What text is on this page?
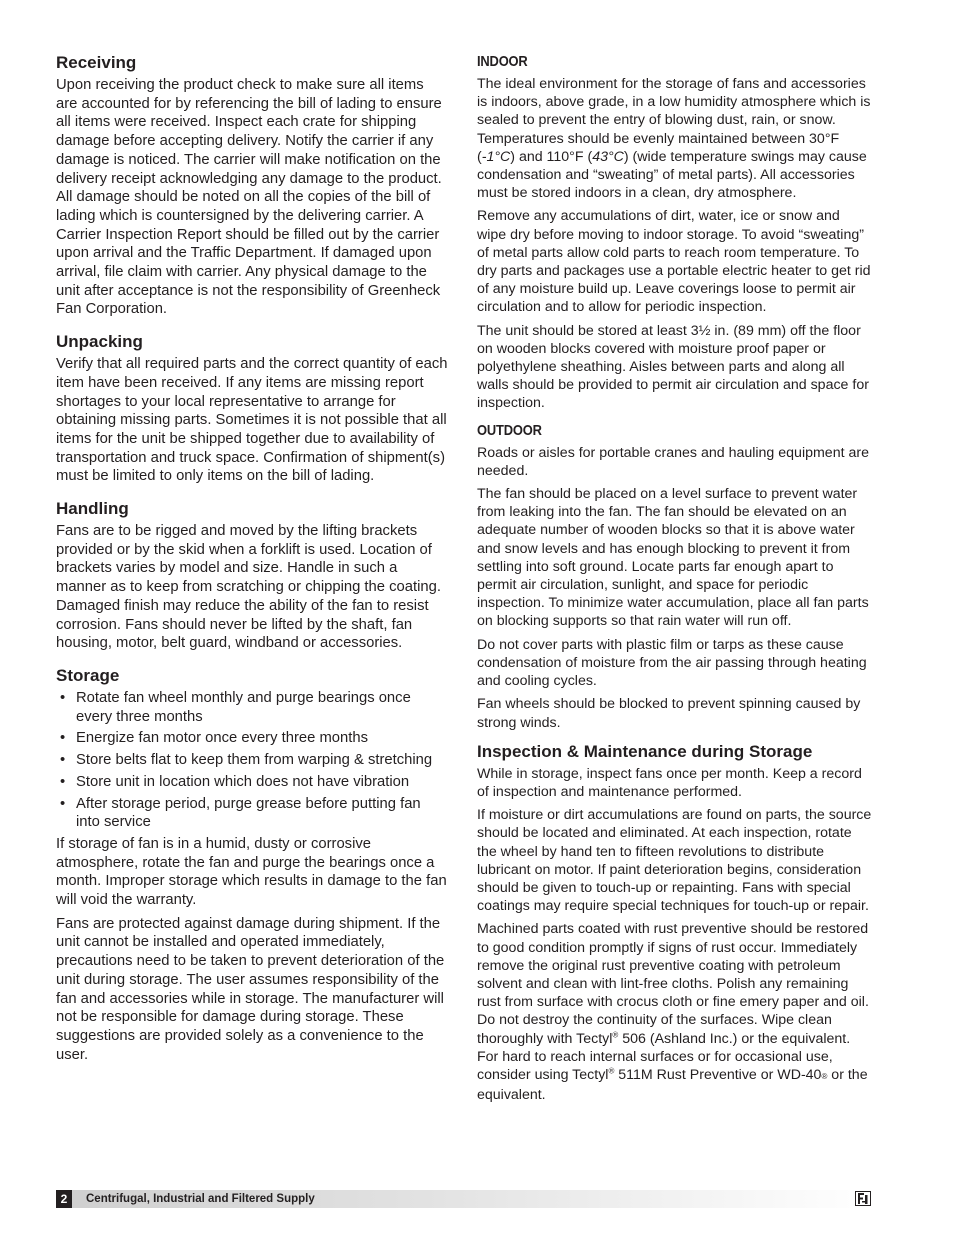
Receiving

Upon receiving the product check to make sure all items are accounted for by referencing the bill of lading to ensure all items were received. Inspect each crate for shipping damage before accepting delivery. Notify the carrier if any damage is noticed. The carrier will make notification on the delivery receipt acknowledging any damage to the product. All damage should be noted on all the copies of the bill of lading which is countersigned by the delivering carrier. A Carrier Inspection Report should be filled out by the carrier upon arrival and the Traffic Department. If damaged upon arrival, file claim with carrier. Any physical damage to the unit after acceptance is not the responsibility of Greenheck Fan Corporation.

Unpacking

Verify that all required parts and the correct quantity of each item have been received. If any items are missing report shortages to your local representative to arrange for obtaining missing parts. Sometimes it is not possible that all items for the unit be shipped together due to availability of transportation and truck space. Confirmation of shipment(s) must be limited to only items on the bill of lading.

Handling

Fans are to be rigged and moved by the lifting brackets provided or by the skid when a forklift is used. Location of brackets varies by model and size. Handle in such a manner as to keep from scratching or chipping the coating. Damaged finish may reduce the ability of the fan to resist corrosion. Fans should never be lifted by the shaft, fan housing, motor, belt guard, windband or accessories.

Storage
• Rotate fan wheel monthly and purge bearings once every three months
• Energize fan motor once every three months
• Store belts flat to keep them from warping & stretching
• Store unit in location which does not have vibration
• After storage period, purge grease before putting fan into service

If storage of fan is in a humid, dusty or corrosive atmosphere, rotate the fan and purge the bearings once a month. Improper storage which results in damage to the fan will void the warranty.

Fans are protected against damage during shipment. If the unit cannot be installed and operated immediately, precautions need to be taken to prevent deterioration of the unit during storage. The user assumes responsibility of the fan and accessories while in storage. The manufacturer will not be responsible for damage during storage. These suggestions are provided solely as a convenience to the user.

INDOOR

The ideal environment for the storage of fans and accessories is indoors, above grade, in a low humidity atmosphere which is sealed to prevent the entry of blowing dust, rain, or snow. Temperatures should be evenly maintained between 30°F (-1°C) and 110°F (43°C) (wide temperature swings may cause condensation and “sweating” of metal parts). All accessories must be stored indoors in a clean, dry atmosphere.

Remove any accumulations of dirt, water, ice or snow and wipe dry before moving to indoor storage. To avoid “sweating” of metal parts allow cold parts to reach room temperature. To dry parts and packages use a portable electric heater to get rid of any moisture build up. Leave coverings loose to permit air circulation and to allow for periodic inspection.

The unit should be stored at least 3½ in. (89 mm) off the floor on wooden blocks covered with moisture proof paper or polyethylene sheathing. Aisles between parts and along all walls should be provided to permit air circulation and space for inspection.

OUTDOOR

Roads or aisles for portable cranes and hauling equipment are needed.

The fan should be placed on a level surface to prevent water from leaking into the fan. The fan should be elevated on an adequate number of wooden blocks so that it is above water and snow levels and has enough blocking to prevent it from settling into soft ground. Locate parts far enough apart to permit air circulation, sunlight, and space for periodic inspection. To minimize water accumulation, place all fan parts on blocking supports so that rain water will run off.

Do not cover parts with plastic film or tarps as these cause condensation of moisture from the air passing through heating and cooling cycles.

Fan wheels should be blocked to prevent spinning caused by strong winds.

Inspection & Maintenance during Storage

While in storage, inspect fans once per month. Keep a record of inspection and maintenance performed.

If moisture or dirt accumulations are found on parts, the source should be located and eliminated. At each inspection, rotate the wheel by hand ten to fifteen revolutions to distribute lubricant on motor. If paint deterioration begins, consideration should be given to touch-up or repainting. Fans with special coatings may require special techniques for touch-up or repair.

Machined parts coated with rust preventive should be restored to good condition promptly if signs of rust occur. Immediately remove the original rust preventive coating with petroleum solvent and clean with lint-free cloths. Polish any remaining rust from surface with crocus cloth or fine emery paper and oil. Do not destroy the continuity of the surfaces. Wipe clean thoroughly with Tectyl® 506 (Ashland Inc.) or the equivalent. For hard to reach internal surfaces or for occasional use, consider using Tectyl® 511M Rust Preventive or WD-40® or the equivalent.

2	Centrifugal, Industrial and Filtered Supply
